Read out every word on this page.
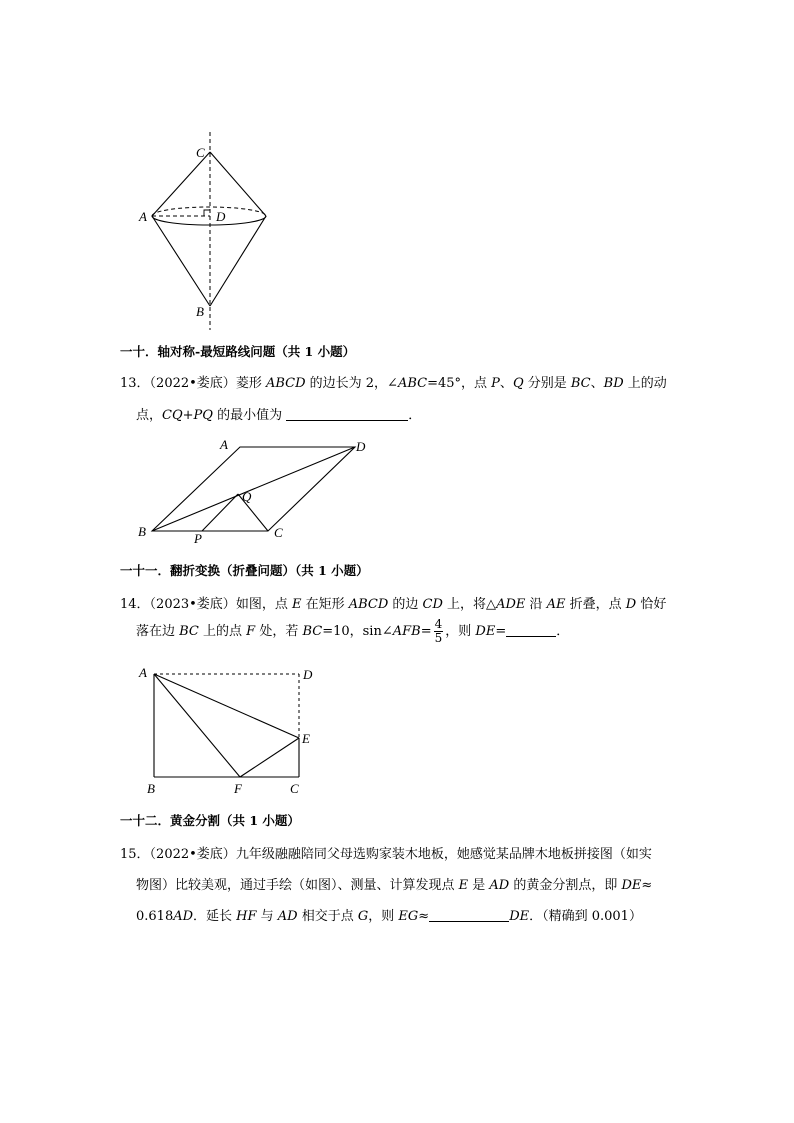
C
A	D
B
一十．轴对称-最短路线问题（共 1 小题）
13．（2022•娄底）菱形 ABCD 的边长为 2，∠ABC=45°，点 P、Q 分别是 BC、BD 上的动
点，CQ+PQ 的最小值为	．
A	D
Q
B	P	C
一十一．翻折变换（折叠问题）（共 1 小题）
14．（2023•娄底）如图，点 E 在矩形 ABCD 的边 CD 上，将△ADE 沿 AE 折叠，点 D 恰好
落在边 BC 上的点 F 处，若 BC=10，sin∠AFB= $\frac{4}{5}$ ，则 DE=	．
A	D
E
B	F	C
一十二．黄金分割（共 1 小题）
15．（2022•娄底）九年级融融陪同父母选购家装木地板，她感觉某品牌木地板拼接图（如实
物图）比较美观，通过手绘（如图）、测量、计算发现点 E 是 AD 的黄金分割点，即 DE≈
0.618AD．延长 HF 与 AD 相交于点 G，则 EG≈	DE．（精确到 0.001）
